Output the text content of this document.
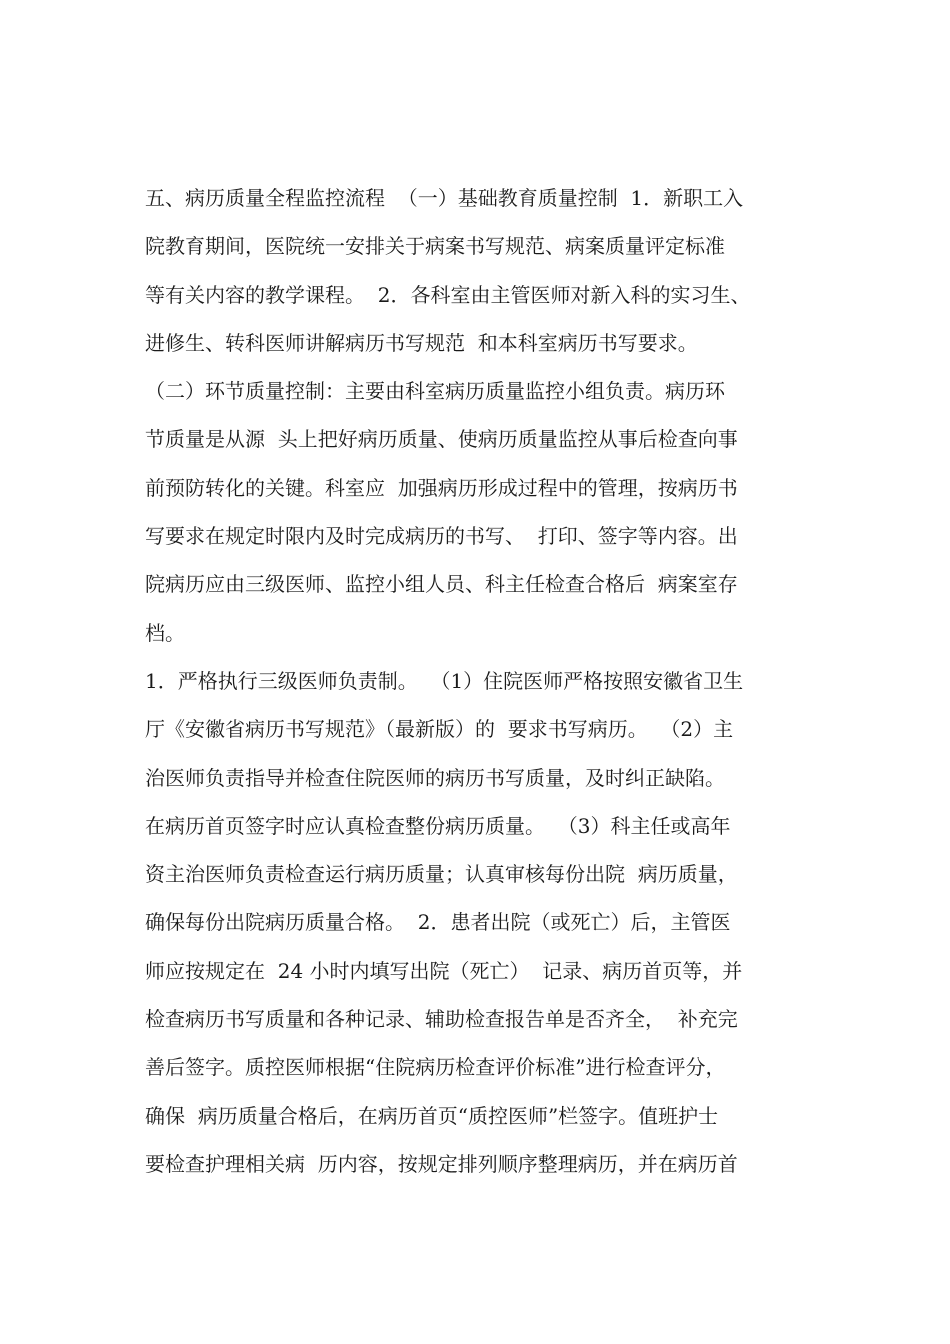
五、病历质量全程监控流程  （一）基础教育质量控制  1．新职工入
院教育期间，医院统一安排关于病案书写规范、病案质量评定标准
等有关内容的教学课程。  2．各科室由主管医师对新入科的实习生、
进修生、转科医师讲解病历书写规范  和本科室病历书写要求。
（二）环节质量控制：主要由科室病历质量监控小组负责。病历环
节质量是从源  头上把好病历质量、使病历质量监控从事后检查向事
前预防转化的关键。科室应  加强病历形成过程中的管理，按病历书
写要求在规定时限内及时完成病历的书写、  打印、签字等内容。出
院病历应由三级医师、监控小组人员、科主任检查合格后  病案室存
档。
1．严格执行三级医师负责制。  （1）住院医师严格按照安徽省卫生
厅《安徽省病历书写规范》（最新版）的  要求书写病历。  （2）主
治医师负责指导并检查住院医师的病历书写质量，及时纠正缺陷。
在病历首页签字时应认真检查整份病历质量。  （3）科主任或高年
资主治医师负责检查运行病历质量；认真审核每份出院  病历质量，
确保每份出院病历质量合格。  2．患者出院（或死亡）后，主管医
师应按规定在  24 小时内填写出院（死亡）  记录、病历首页等，并
检查病历书写质量和各种记录、辅助检查报告单是否齐全，  补充完
善后签字。质控医师根据“住院病历检查评价标准”进行检查评分，
确保  病历质量合格后，在病历首页“质控医师”栏签字。值班护士
要检查护理相关病  历内容，按规定排列顺序整理病历，并在病历首
